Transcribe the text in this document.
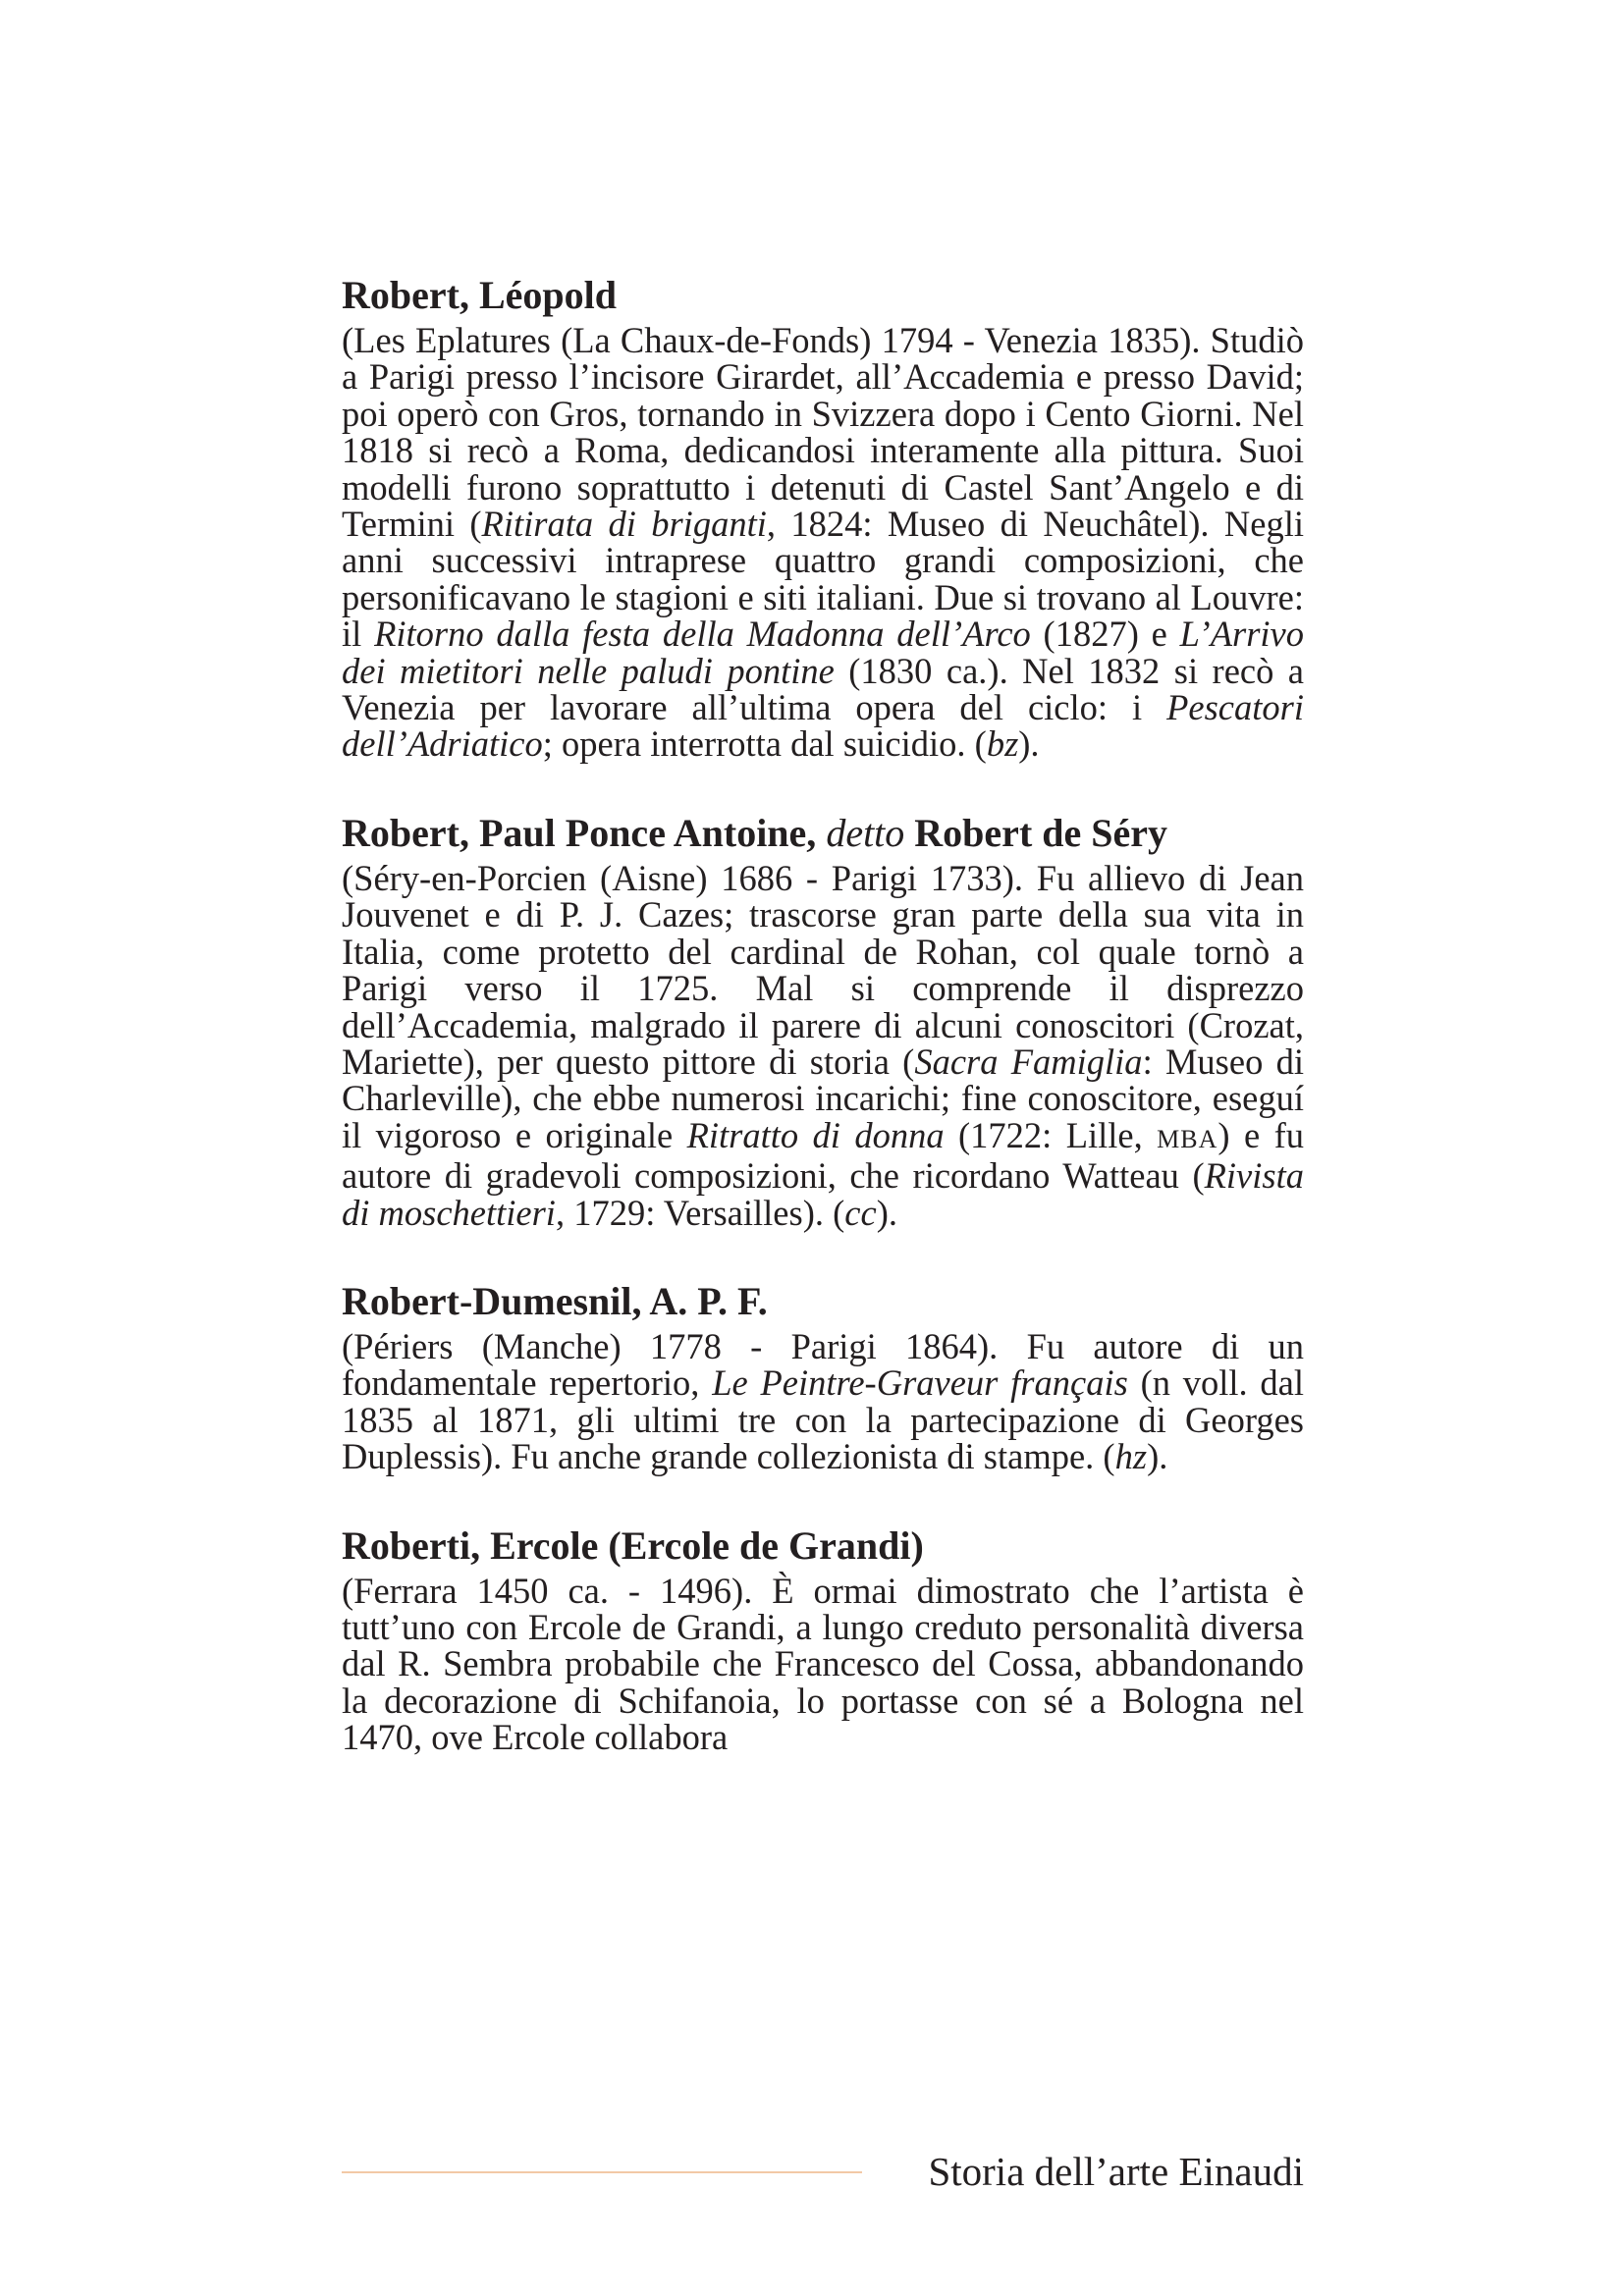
Robert, Léopold

(Les Eplatures (La Chaux-de-Fonds) 1794 - Venezia 1835). Studiò a Parigi presso l’incisore Girardet, all’Accademia e presso David; poi operò con Gros, tornando in Svizzera dopo i Cento Giorni. Nel 1818 si recò a Roma, dedicandosi interamente alla pittura. Suoi modelli furono soprattutto i detenuti di Castel Sant’Angelo e di Termini (Ritirata di briganti, 1824: Museo di Neuchâtel). Negli anni successivi intraprese quattro grandi composizioni, che personificavano le stagioni e siti italiani. Due si trovano al Louvre: il Ritorno dalla festa della Madonna dell’Arco (1827) e L’Arrivo dei mietitori nelle paludi pontine (1830 ca.). Nel 1832 si recò a Venezia per lavorare all’ultima opera del ciclo: i Pescatori dell’Adriatico; opera interrotta dal suicidio. (bz).

Robert, Paul Ponce Antoine, detto Robert de Séry

(Séry-en-Porcien (Aisne) 1686 - Parigi 1733). Fu allievo di Jean Jouvenet e di P. J. Cazes; trascorse gran parte della sua vita in Italia, come protetto del cardinal de Rohan, col quale tornò a Parigi verso il 1725. Mal si comprende il disprezzo dell’Accademia, malgrado il parere di alcuni conoscitori (Crozat, Mariette), per questo pittore di storia (Sacra Famiglia: Museo di Charleville), che ebbe numerosi incarichi; fine conoscitore, eseguí il vigoroso e originale Ritratto di donna (1722: Lille, MBA) e fu autore di gradevoli composizioni, che ricordano Watteau (Rivista di moschettieri, 1729: Versailles). (cc).

Robert-Dumesnil, A. P. F.

(Périers (Manche) 1778 - Parigi 1864). Fu autore di un fondamentale repertorio, Le Peintre-Graveur français (n voll. dal 1835 al 1871, gli ultimi tre con la partecipazione di Georges Duplessis). Fu anche grande collezionista di stampe. (hz).

Roberti, Ercole (Ercole de Grandi)

(Ferrara 1450 ca. - 1496). È ormai dimostrato che l’artista è tutt’uno con Ercole de Grandi, a lungo creduto personalità diversa dal R. Sembra probabile che Francesco del Cossa, abbandonando la decorazione di Schifanoia, lo portasse con sé a Bologna nel 1470, ove Ercole collabora

Storia dell’arte Einaudi
